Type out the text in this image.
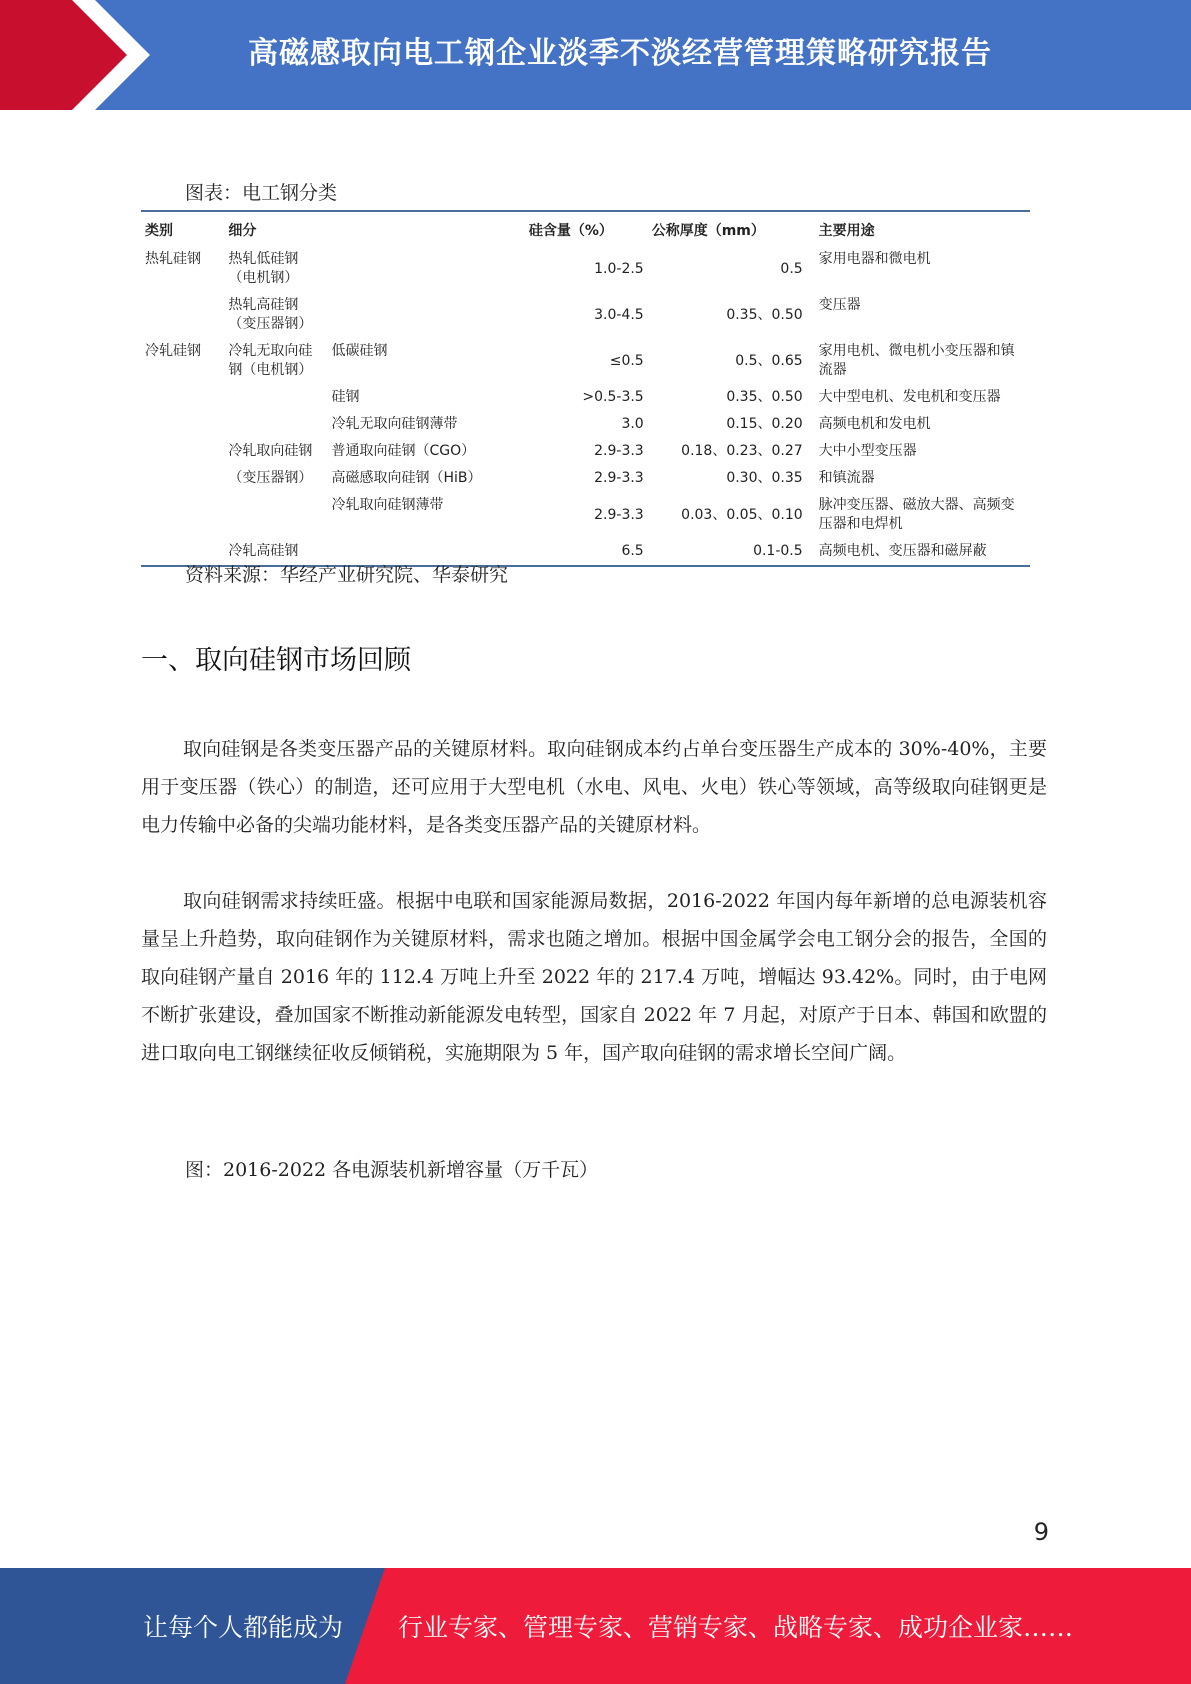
高磁感取向电工钢企业淡季不淡经营管理策略研究报告
图表：电工钢分类
类别	细分		硅含量（%）	公称厚度（mm）	主要用途
热轧硅钢	热轧低硅钢（电机钢）		1.0-2.5	0.5	家用电器和微电机
	热轧高硅钢（变压器钢）		3.0-4.5	0.35、0.50	变压器
冷轧硅钢	冷轧无取向硅钢（电机钢）	低碳硅钢	≤0.5	0.5、0.65	家用电机、微电机小变压器和镇流器
		硅钢	>0.5-3.5	0.35、0.50	大中型电机、发电机和变压器
		冷轧无取向硅钢薄带	3.0	0.15、0.20	高频电机和发电机
	冷轧取向硅钢	普通取向硅钢（CGO）	2.9-3.3	0.18、0.23、0.27	大中小型变压器
	（变压器钢）	高磁感取向硅钢（HiB）	2.9-3.3	0.30、0.35	和镇流器
		冷轧取向硅钢薄带	2.9-3.3	0.03、0.05、0.10	脉冲变压器、磁放大器、高频变压器和电焊机
	冷轧高硅钢		6.5	0.1-0.5	高频电机、变压器和磁屏蔽
资料来源：华经产业研究院、华泰研究
一、取向硅钢市场回顾
取向硅钢是各类变压器产品的关键原材料。取向硅钢成本约占单台变压器生产成本的 30%-40%，主要用于变压器（铁心）的制造，还可应用于大型电机（水电、风电、火电）铁心等领域，高等级取向硅钢更是电力传输中必备的尖端功能材料，是各类变压器产品的关键原材料。
取向硅钢需求持续旺盛。根据中电联和国家能源局数据，2016-2022 年国内每年新增的总电源装机容量呈上升趋势，取向硅钢作为关键原材料，需求也随之增加。根据中国金属学会电工钢分会的报告，全国的取向硅钢产量自 2016 年的 112.4 万吨上升至 2022 年的 217.4 万吨，增幅达 93.42%。同时，由于电网不断扩张建设，叠加国家不断推动新能源发电转型，国家自 2022 年 7 月起，对原产于日本、韩国和欧盟的进口取向电工钢继续征收反倾销税，实施期限为 5 年，国产取向硅钢的需求增长空间广阔。
图：2016-2022 各电源装机新增容量（万千瓦）
9
让每个人都能成为 行业专家、管理专家、营销专家、战略专家、成功企业家……
